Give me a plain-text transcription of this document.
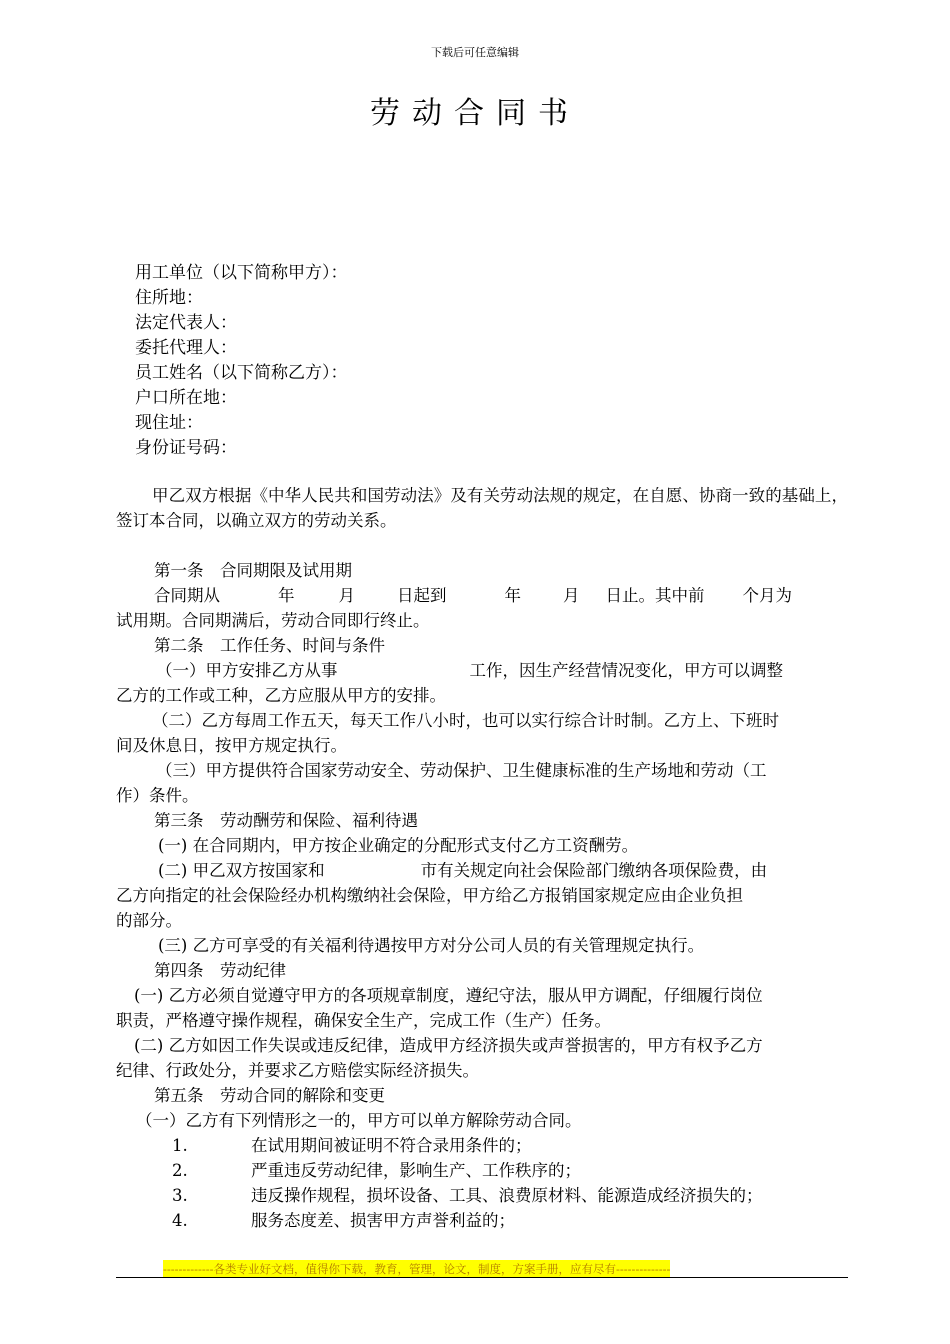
下载后可任意编辑
劳动合同书
用工单位（以下简称甲方）：
住所地：
法定代表人：
委托代理人：
员工姓名（以下简称乙方）：
户口所在地：
现住址：
身份证号码：
甲乙双方根据《中华人民共和国劳动法》及有关劳动法规的规定，在自愿、协商一致的基础上，签订本合同，以确立双方的劳动关系。
第一条　合同期限及试用期
合同期从	年	月	日起到	年	月 日止。其中前 个月为
试用期。合同期满后，劳动合同即行终止。
第二条　工作任务、时间与条件
（一）甲方安排乙方从事	工作，因生产经营情况变化，甲方可以调整
乙方的工作或工种，乙方应服从甲方的安排。
（二）乙方每周工作五天，每天工作八小时，也可以实行综合计时制。乙方上、下班时
间及休息日，按甲方规定执行。
（三）甲方提供符合国家劳动安全、劳动保护、卫生健康标准的生产场地和劳动（工
作）条件。
第三条　劳动酬劳和保险、福利待遇
(一) 在合同期内，甲方按企业确定的分配形式支付乙方工资酬劳。
(二) 甲乙双方按国家和	市有关规定向社会保险部门缴纳各项保险费，由
乙方向指定的社会保险经办机构缴纳社会保险，甲方给乙方报销国家规定应由企业负担
的部分。
(三) 乙方可享受的有关福利待遇按甲方对分公司人员的有关管理规定执行。
第四条　劳动纪律
(一) 乙方必须自觉遵守甲方的各项规章制度，遵纪守法，服从甲方调配，仔细履行岗位
职责，严格遵守操作规程，确保安全生产，完成工作（生产）任务。
(二) 乙方如因工作失误或违反纪律，造成甲方经济损失或声誉损害的，甲方有权予乙方
纪律、行政处分，并要求乙方赔偿实际经济损失。
第五条　劳动合同的解除和变更
（一）乙方有下列情形之一的，甲方可以单方解除劳动合同。
1.	在试用期间被证明不符合录用条件的；
2.	严重违反劳动纪律，影响生产、工作秩序的；
3.	违反操作规程，损坏设备、工具、浪费原材料、能源造成经济损失的；
4.	服务态度差、损害甲方声誉利益的；
-------------各类专业好文档，值得你下载，教育，管理，论文，制度，方案手册，应有尽有--------------
